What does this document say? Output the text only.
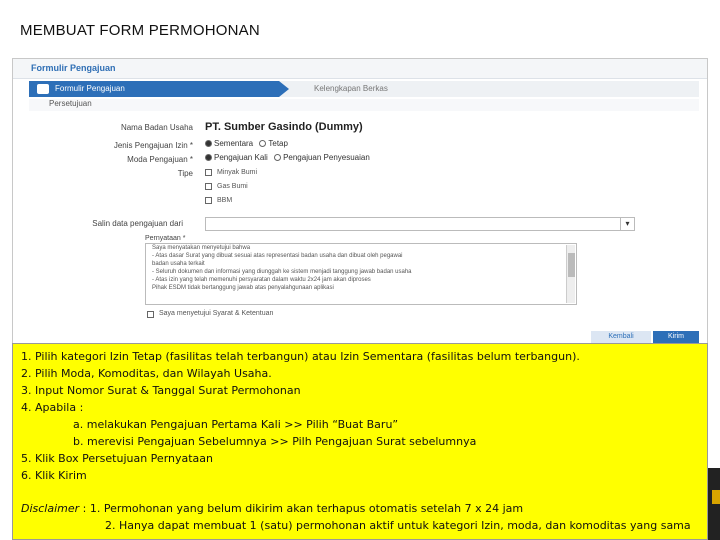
MEMBUAT FORM PERMOHONAN
Formulir Pengajuan
Formulir Pengajuan	Kelengkapan Berkas
Persetujuan
Nama Badan Usaha PT. Sumber Gasindo (Dummy)
Jenis Pengajuan Izin *	Sementara Tetap
Moda Pengajuan *	Pengajuan Kali Pengajuan Penyesuaian
Tipe	Minyak Bumi
Gas Bumi
BBM
Salin data pengajuan dari	▾
Pernyataan *
Saya menyatakan menyetujui bahwa
- Atas dasar Surat yang dibuat sesuai atas representasi badan usaha dan dibuat oleh pegawai
badan usaha terkait
- Seluruh dokumen dan informasi yang diunggah ke sistem menjadi tanggung jawab badan usaha
- Atas izin yang telah memenuhi persyaratan dalam waktu 2x24 jam akan diproses
Pihak ESDM tidak bertanggung jawab atas penyalahgunaan aplikasi
Saya menyetujui Syarat & Ketentuan
Kembali	Kirim
1. Pilih kategori Izin Tetap (fasilitas telah terbangun) atau Izin Sementara (fasilitas belum terbangun).
2. Pilih Moda, Komoditas, dan Wilayah Usaha.
3. Input Nomor Surat & Tanggal Surat Permohonan
4. Apabila :
a. melakukan Pengajuan Pertama Kali >> Pilih “Buat Baru”
b. merevisi Pengajuan Sebelumnya >> Pilh Pengajuan Surat sebelumnya
5. Klik Box Persetujuan Pernyataan
6. Klik Kirim
Disclaimer : 1. Permohonan yang belum dikirim akan terhapus otomatis setelah 7 x 24 jam
2. Hanya dapat membuat 1 (satu) permohonan aktif untuk kategori Izin, moda, dan komoditas yang sama
